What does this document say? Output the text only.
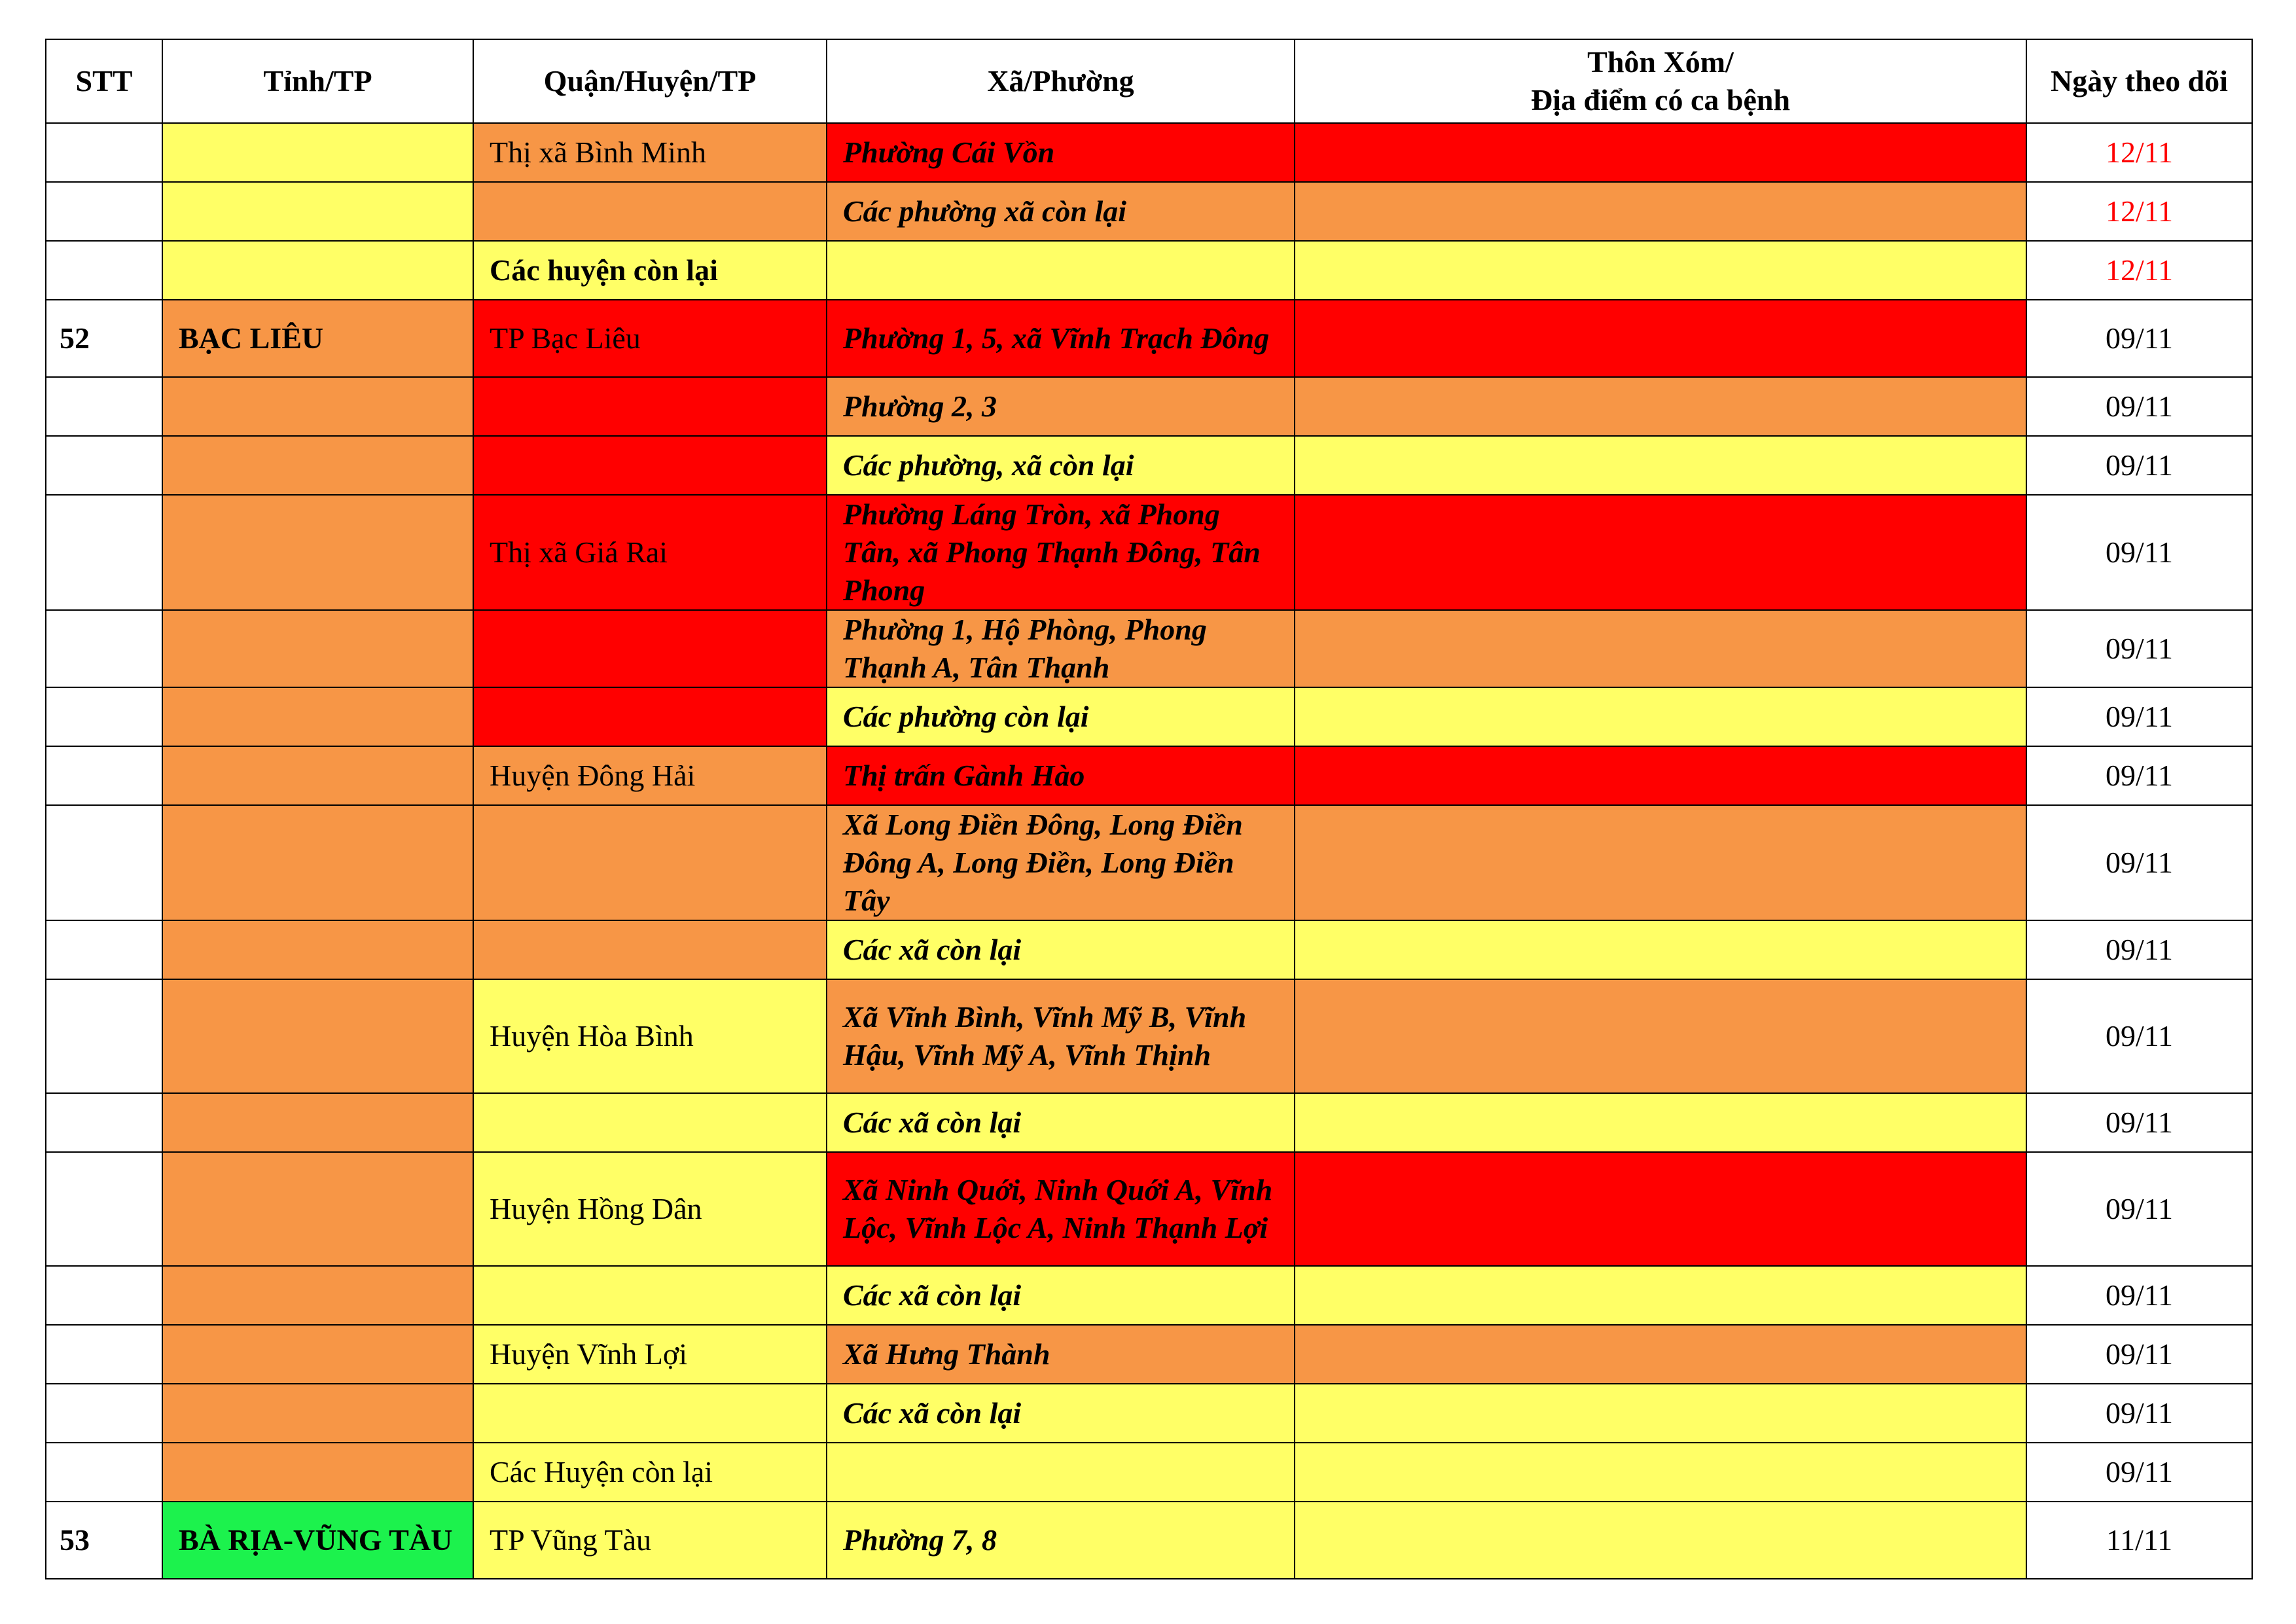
STT	Tỉnh/TP	Quận/Huyện/TP	Xã/Phường	Thôn Xóm/
Địa điểm có ca bệnh	Ngày theo dõi
		Thị xã Bình Minh	Phường Cái Vồn		12/11
			Các phường xã còn lại		12/11
		Các huyện còn lại			12/11
52	BẠC LIÊU	TP Bạc Liêu	Phường 1, 5, xã Vĩnh Trạch Đông		09/11
			Phường 2, 3		09/11
			Các phường, xã còn lại		09/11
		Thị xã Giá Rai	Phường Láng Tròn, xã Phong Tân, xã Phong Thạnh Đông, Tân Phong		09/11
			Phường 1, Hộ Phòng, Phong Thạnh A, Tân Thạnh		09/11
			Các phường còn lại		09/11
		Huyện Đông Hải	Thị trấn Gành Hào		09/11
			Xã Long Điền Đông, Long Điền Đông A, Long Điền, Long Điền Tây		09/11
			Các xã còn lại		09/11
		Huyện Hòa Bình	Xã Vĩnh Bình, Vĩnh Mỹ B, Vĩnh Hậu, Vĩnh Mỹ A, Vĩnh Thịnh		09/11
			Các xã còn lại		09/11
		Huyện Hồng Dân	Xã Ninh Quới, Ninh Quới A, Vĩnh Lộc, Vĩnh Lộc A, Ninh Thạnh Lợi		09/11
			Các xã còn lại		09/11
		Huyện Vĩnh Lợi	Xã Hưng Thành		09/11
			Các xã còn lại		09/11
		Các Huyện còn lại			09/11
53	BÀ RỊA-VŨNG TÀU	TP Vũng Tàu	Phường 7, 8		11/11
